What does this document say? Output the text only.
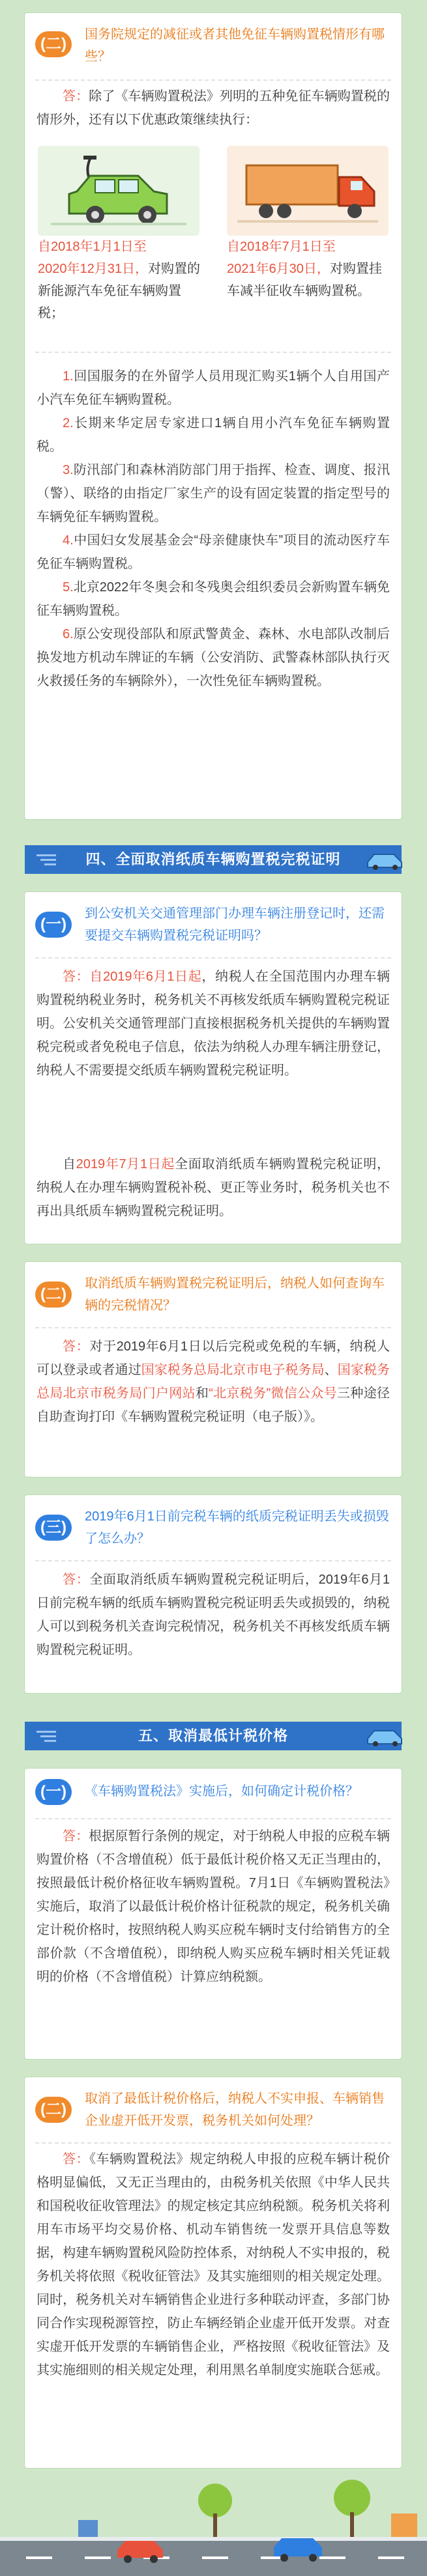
(二)
国务院规定的减征或者其他免征车辆购置税情形有哪些？
答：除了《车辆购置税法》列明的五种免征车辆购置税的情形外，还有以下优惠政策继续执行：
自2018年1月1日至
2020年12月31日，对购置的新能源汽车免征车辆购置税；
自2018年7月1日至
2021年6月30日，对购置挂车减半征收车辆购置税。
1.回国服务的在外留学人员用现汇购买1辆个人自用国产小汽车免征车辆购置税。
2.长期来华定居专家进口1辆自用小汽车免征车辆购置税。
3.防汛部门和森林消防部门用于指挥、检查、调度、报汛（警）、联络的由指定厂家生产的设有固定装置的指定型号的车辆免征车辆购置税。
4.中国妇女发展基金会“母亲健康快车”项目的流动医疗车免征车辆购置税。
5.北京2022年冬奥会和冬残奥会组织委员会新购置车辆免征车辆购置税。
6.原公安现役部队和原武警黄金、森林、水电部队改制后换发地方机动车牌证的车辆（公安消防、武警森林部队执行灭火救援任务的车辆除外），一次性免征车辆购置税。
四、全面取消纸质车辆购置税完税证明
(一)
到公安机关交通管理部门办理车辆注册登记时，还需要提交车辆购置税完税证明吗？
答：自2019年6月1日起，纳税人在全国范围内办理车辆购置税纳税业务时，税务机关不再核发纸质车辆购置税完税证明。公安机关交通管理部门直接根据税务机关提供的车辆购置税完税或者免税电子信息，依法为纳税人办理车辆注册登记，纳税人不需要提交纸质车辆购置税完税证明。
自2019年7月1日起全面取消纸质车辆购置税完税证明，纳税人在办理车辆购置税补税、更正等业务时，税务机关也不再出具纸质车辆购置税完税证明。
(二)
取消纸质车辆购置税完税证明后，纳税人如何查询车辆的完税情况？
答：对于2019年6月1日以后完税或免税的车辆，纳税人可以登录或者通过国家税务总局北京市电子税务局、国家税务总局北京市税务局门户网站和“北京税务”微信公众号三种途径自助查询打印《车辆购置税完税证明（电子版）》。
(三)
2019年6月1日前完税车辆的纸质完税证明丢失或损毁了怎么办？
答：全面取消纸质车辆购置税完税证明后，2019年6月1日前完税车辆的纸质车辆购置税完税证明丢失或损毁的，纳税人可以到税务机关查询完税情况，税务机关不再核发纸质车辆购置税完税证明。
五、取消最低计税价格
(一)	《车辆购置税法》实施后，如何确定计税价格？
答：根据原暂行条例的规定，对于纳税人申报的应税车辆购置价格（不含增值税）低于最低计税价格又无正当理由的，按照最低计税价格征收车辆购置税。7月1日《车辆购置税法》实施后，取消了以最低计税价格计征税款的规定，税务机关确定计税价格时，按照纳税人购买应税车辆时支付给销售方的全部价款（不含增值税），即纳税人购买应税车辆时相关凭证载明的价格（不含增值税）计算应纳税额。
(二)
取消了最低计税价格后，纳税人不实申报、车辆销售企业虚开低开发票，税务机关如何处理？
答：《车辆购置税法》规定纳税人申报的应税车辆计税价格明显偏低，又无正当理由的，由税务机关依照《中华人民共和国税收征收管理法》的规定核定其应纳税额。税务机关将利用车市场平均交易价格、机动车销售统一发票开具信息等数据，构建车辆购置税风险防控体系，对纳税人不实申报的，税务机关将依照《税收征管法》及其实施细则的相关规定处理。同时，税务机关对车辆销售企业进行多种联动评查，多部门协同合作实现税源管控，防止车辆经销企业虚开低开发票。对查实虚开低开发票的车辆销售企业，严格按照《税收征管法》及其实施细则的相关规定处理，利用黑名单制度实施联合惩戒。
